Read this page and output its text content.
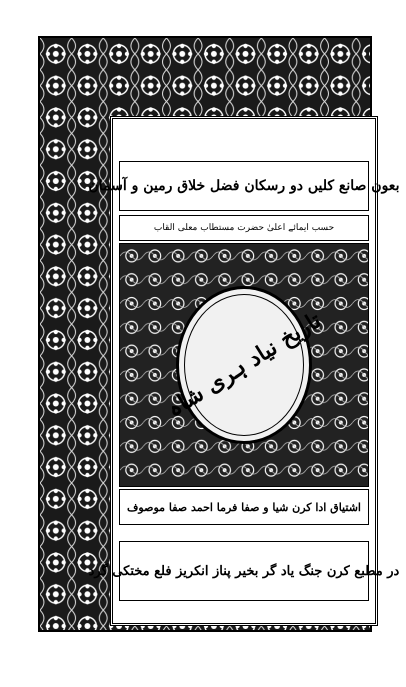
بعون صانع کلیں دو رسکان فضل خلاق رمین و آسمان
حسب ایمائے اعلیٰ حضرت مستطاب معلی القاب
تاریخ نیاد ہری شاہ
اشتیاق ادا کرن شیا و صفا فرما احمد صفا موصوف
در مطبع کرن جنگ یاد گر بخیر پناز انکریز فلع مختکی گرد
